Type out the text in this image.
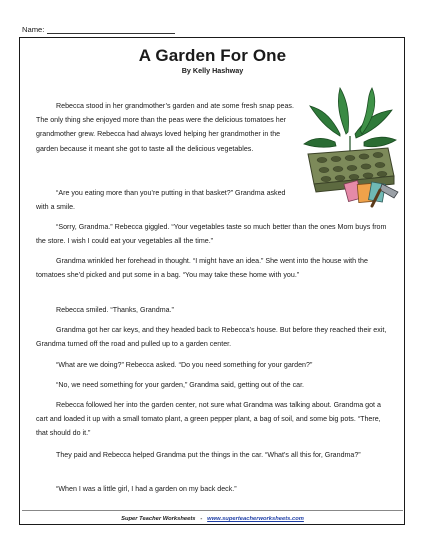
Name:
A Garden For One
By Kelly Hashway

Rebecca stood in her grandmother’s garden and ate some fresh snap peas. The only thing she enjoyed more than the peas were the delicious tomatoes her grandmother grew. Rebecca had always loved helping her grandmother in the garden because it meant she got to taste all the delicious vegetables.

“Are you eating more than you’re putting in that basket?” Grandma asked with a smile.

“Sorry, Grandma.” Rebecca giggled. “Your vegetables taste so much better than the ones Mom buys from the store. I wish I could eat your vegetables all the time.”

Grandma wrinkled her forehead in thought. “I might have an idea.” She went into the house with the tomatoes she’d picked and put some in a bag. “You may take these home with you.”

Rebecca smiled. “Thanks, Grandma.”

Grandma got her car keys, and they headed back to Rebecca’s house. But before they reached their exit, Grandma turned off the road and pulled up to a garden center.

“What are we doing?” Rebecca asked. “Do you need something for your garden?”

“No, we need something for your garden,” Grandma said, getting out of the car.

Rebecca followed her into the garden center, not sure what Grandma was talking about. Grandma got a cart and loaded it up with a small tomato plant, a green pepper plant, a bag of soil, and some big pots. “There, that should do it.”

They paid and Rebecca helped Grandma put the things in the car. “What’s all this for, Grandma?”

“When I was a little girl, I had a garden on my back deck.”

Super Teacher Worksheets - www.superteacherworksheets.com
